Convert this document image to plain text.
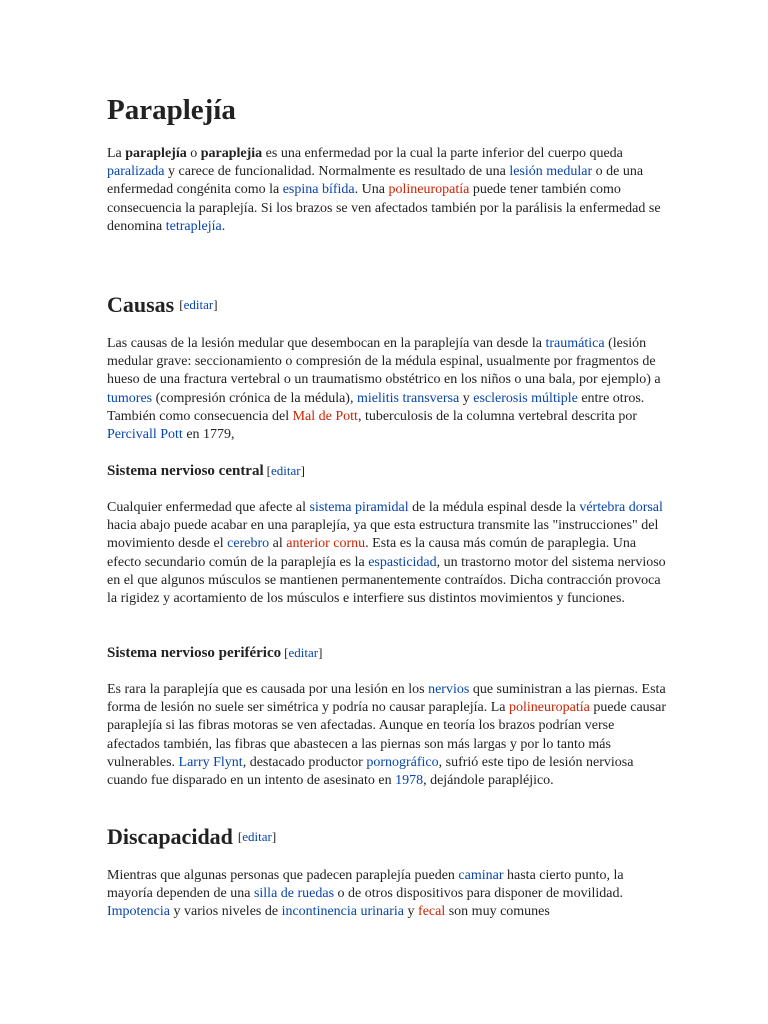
Paraplejía

La paraplejía o paraplejia es una enfermedad por la cual la parte inferior del cuerpo queda paralizada y carece de funcionalidad. Normalmente es resultado de una lesión medular o de una enfermedad congénita como la espina bífida. Una polineuropatía puede tener también como consecuencia la paraplejía. Si los brazos se ven afectados también por la parálisis la enfermedad se denomina tetraplejía.

Causas [editar]

Las causas de la lesión medular que desembocan en la paraplejía van desde la traumática (lesión medular grave: seccionamiento o compresión de la médula espinal, usualmente por fragmentos de hueso de una fractura vertebral o un traumatismo obstétrico en los niños o una bala, por ejemplo) a tumores (compresión crónica de la médula), mielitis transversa y esclerosis múltiple entre otros. También como consecuencia del Mal de Pott, tuberculosis de la columna vertebral descrita por Percivall Pott en 1779,

Sistema nervioso central [editar]

Cualquier enfermedad que afecte al sistema piramidal de la médula espinal desde la vértebra dorsal hacia abajo puede acabar en una paraplejía, ya que esta estructura transmite las "instrucciones" del movimiento desde el cerebro al anterior cornu. Esta es la causa más común de paraplegia. Una efecto secundario común de la paraplejía es la espasticidad, un trastorno motor del sistema nervioso en el que algunos músculos se mantienen permanentemente contraídos. Dicha contracción provoca la rigidez y acortamiento de los músculos e interfiere sus distintos movimientos y funciones.

Sistema nervioso periférico [editar]

Es rara la paraplejía que es causada por una lesión en los nervios que suministran a las piernas. Esta forma de lesión no suele ser simétrica y podría no causar paraplejía. La polineuropatía puede causar paraplejía si las fibras motoras se ven afectadas. Aunque en teoría los brazos podrían verse afectados también, las fibras que abastecen a las piernas son más largas y por lo tanto más vulnerables. Larry Flynt, destacado productor pornográfico, sufrió este tipo de lesión nerviosa cuando fue disparado en un intento de asesinato en 1978, dejándole parapléjico.

Discapacidad [editar]

Mientras que algunas personas que padecen paraplejía pueden caminar hasta cierto punto, la mayoría dependen de una silla de ruedas o de otros dispositivos para disponer de movilidad. Impotencia y varios niveles de incontinencia urinaria y fecal son muy comunes
